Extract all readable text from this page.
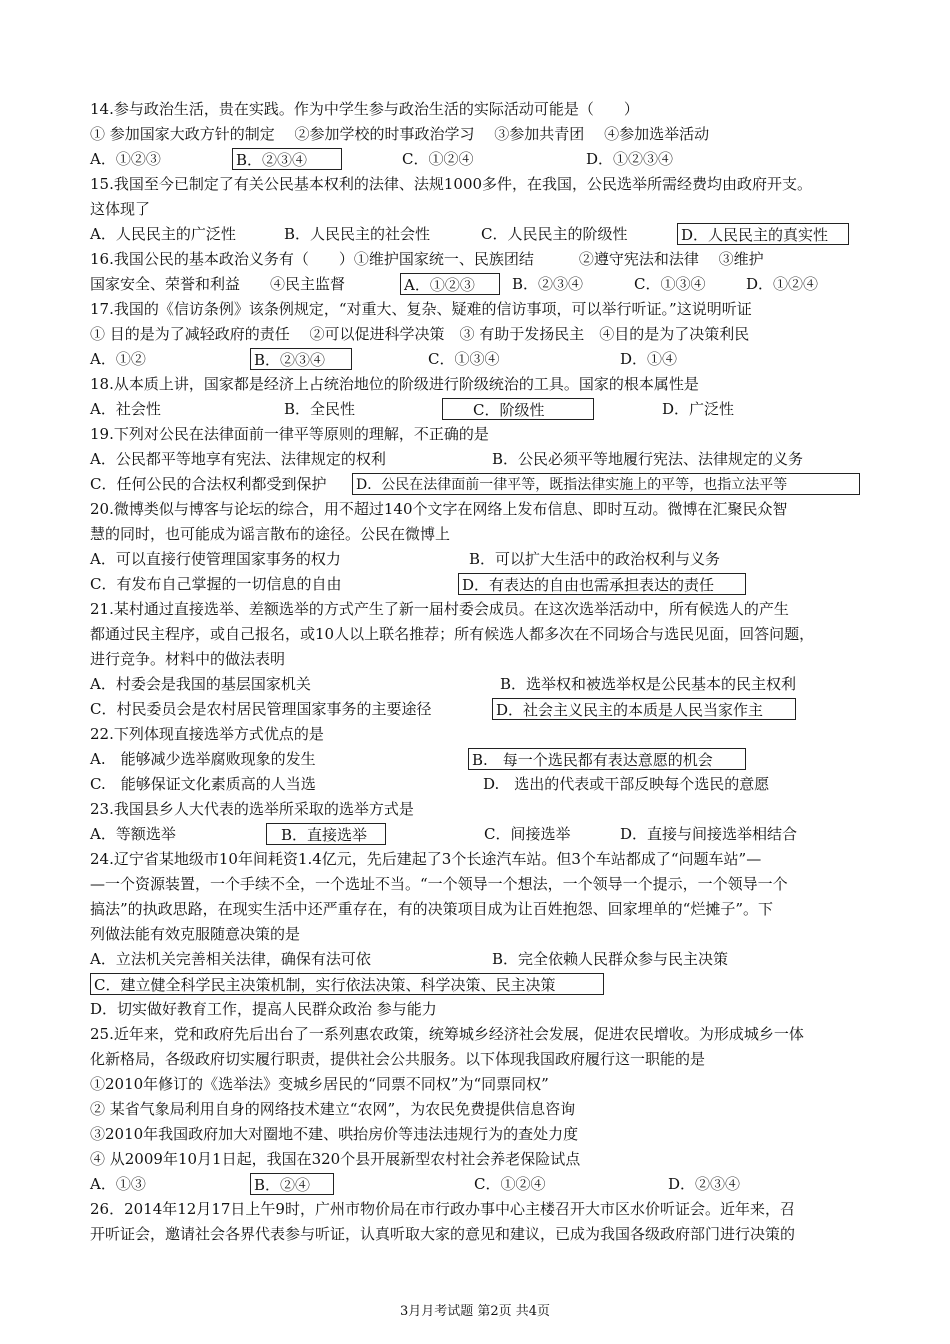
14.参与政治生活，贵在实践。作为中学生参与政治生活的实际活动可能是（　　）
① 参加国家大政方针的制定　 ②参加学校的时事政治学习　 ③参加共青团　 ④参加选举活动
A．①②③	B．②③④	C．①②④	D．①②③④
15.我国至今已制定了有关公民基本权利的法律、法规1000多件，在我国，公民选举所需经费均由政府开支。
这体现了
A．人民民主的广泛性	B．人民民主的社会性	C．人民民主的阶级性	D．人民民主的真实性
16.我国公民的基本政治义务有（　　）①维护国家统一、民族团结　　　②遵守宪法和法律　 ③维护
国家安全、荣誉和利益　　④民主监督	A．①②③	B．②③④	C．①③④	D．①②④
17.我国的《信访条例》该条例规定，“对重大、复杂、疑难的信访事项，可以举行听证。”这说明听证
① 目的是为了减轻政府的责任　 ②可以促进科学决策　③ 有助于发扬民主　④目的是为了决策利民
A．①②	B．②③④	C．①③④	D．①④
18.从本质上讲，国家都是经济上占统治地位的阶级进行阶级统治的工具。国家的根本属性是
A．社会性	B．全民性	C．阶级性	D．广泛性
19.下列对公民在法律面前一律平等原则的理解，不正确的是
A．公民都平等地享有宪法、法律规定的权利	B．公民必须平等地履行宪法、法律规定的义务
C．任何公民的合法权利都受到保护 D．公民在法律面前一律平等，既指法律实施上的平等，也指立法平等
20.微博类似与博客与论坛的综合，用不超过140个文字在网络上发布信息、即时互动。微博在汇聚民众智
慧的同时，也可能成为谣言散布的途径。公民在微博上
A．可以直接行使管理国家事务的权力	B．可以扩大生活中的政治权利与义务
C．有发布自己掌握的一切信息的自由	D．有表达的自由也需承担表达的责任
21.某村通过直接选举、差额选举的方式产生了新一届村委会成员。在这次选举活动中，所有候选人的产生
都通过民主程序，或自己报名，或10人以上联名推荐；所有候选人都多次在不同场合与选民见面，回答问题，
进行竞争。材料中的做法表明
A．村委会是我国的基层国家机关	B．选举权和被选举权是公民基本的民主权利
C．村民委员会是农村居民管理国家事务的主要途径	D．社会主义民主的本质是人民当家作主
22.下列体现直接选举方式优点的是
A.　能够减少选举腐败现象的发生	B.　每一个选民都有表达意愿的机会
C.　能够保证文化素质高的人当选	D.　选出的代表或干部反映每个选民的意愿
23.我国县乡人大代表的选举所采取的选举方式是
A．等额选举	B．直接选举	C．间接选举	D．直接与间接选举相结合
24.辽宁省某地级市10年间耗资1.4亿元，先后建起了3个长途汽车站。但3个车站都成了“问题车站”—
—一个资源装置，一个手续不全，一个选址不当。“一个领导一个想法，一个领导一个提示，一个领导一个
搞法”的执政思路，在现实生活中还严重存在，有的决策项目成为让百姓抱怨、回家埋单的“烂摊子”。下
列做法能有效克服随意决策的是
A．立法机关完善相关法律，确保有法可依	B．完全依赖人民群众参与民主决策
C．建立健全科学民主决策机制，实行依法决策、科学决策、民主决策
D．切实做好教育工作，提高人民群众政治 参与能力
25.近年来，党和政府先后出台了一系列惠农政策，统筹城乡经济社会发展，促进农民增收。为形成城乡一体
化新格局，各级政府切实履行职责，提供社会公共服务。以下体现我国政府履行这一职能的是
①2010年修订的《选举法》变城乡居民的“同票不同权”为“同票同权”
② 某省气象局利用自身的网络技术建立“农网”，为农民免费提供信息咨询
③2010年我国政府加大对圈地不建、哄抬房价等违法违规行为的查处力度
④ 从2009年10月1日起，我国在320个县开展新型农村社会养老保险试点
A．①③	B．②④	C．①②④	D．②③④
26．2014年12月17日上午9时，广州市物价局在市行政办事中心主楼召开大市区水价听证会。近年来，召
开听证会，邀请社会各界代表参与听证，认真听取大家的意见和建议，已成为我国各级政府部门进行决策的
3月月考试题 第2页 共4页
